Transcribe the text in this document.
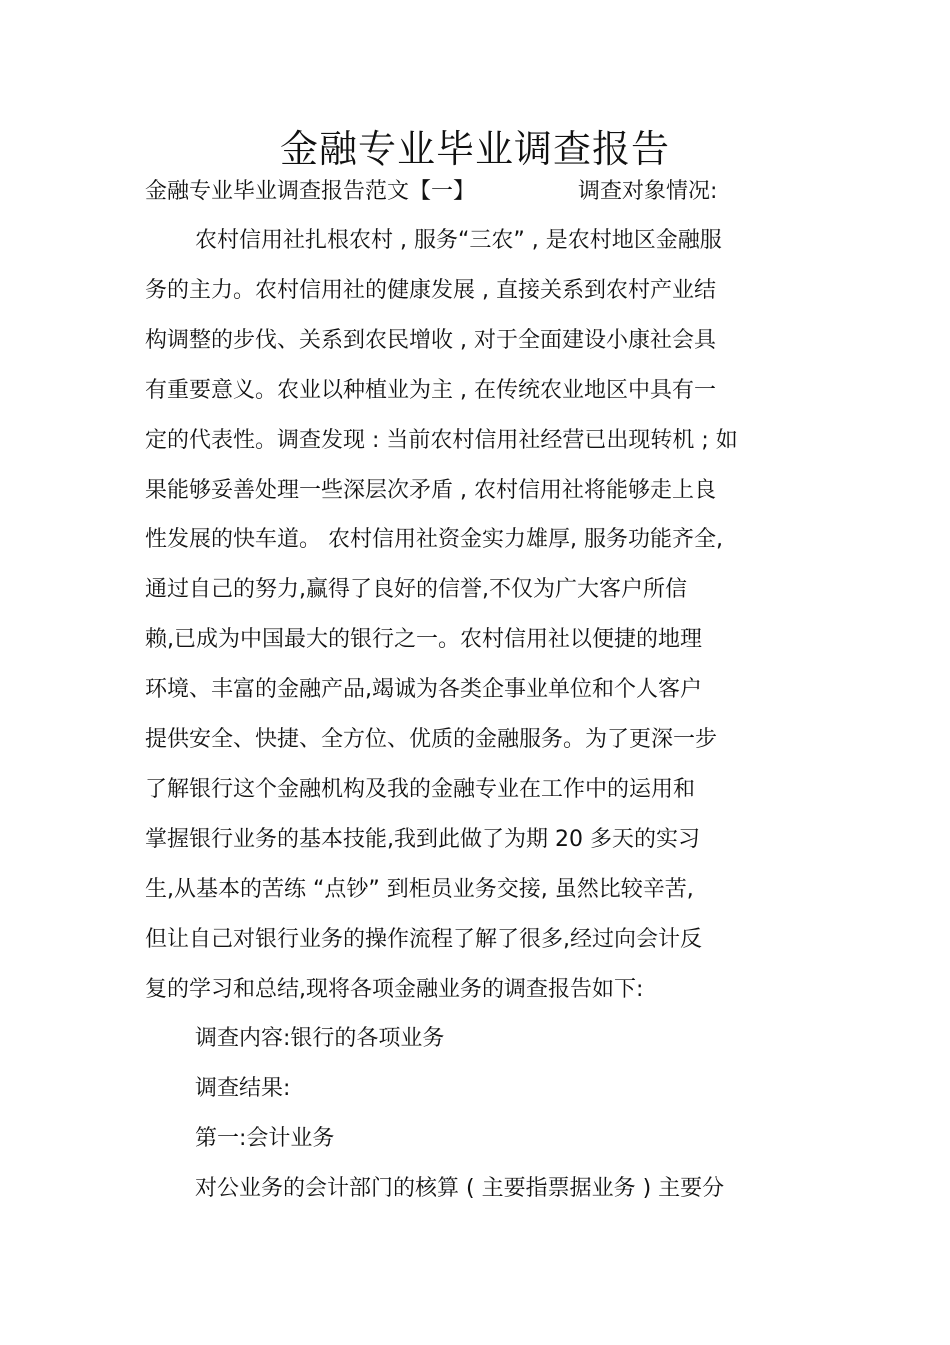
金融专业毕业调查报告
金融专业毕业调查报告范文【一】	调查对象情况:
农村信用社扎根农村 , 服务“三农” , 是农村地区金融服
务的主力。农村信用社的健康发展 , 直接关系到农村产业结
构调整的步伐、关系到农民增收 , 对于全面建设小康社会具
有重要意义。农业以种植业为主 , 在传统农业地区中具有一
定的代表性。调查发现 : 当前农村信用社经营已出现转机 ; 如
果能够妥善处理一些深层次矛盾 , 农村信用社将能够走上良
性发展的快车道。 农村信用社资金实力雄厚, 服务功能齐全,
通过自己的努力,赢得了良好的信誉,不仅为广大客户所信
赖,已成为中国最大的银行之一。农村信用社以便捷的地理
环境、丰富的金融产品,竭诚为各类企事业单位和个人客户
提供安全、快捷、全方位、优质的金融服务。为了更深一步
了解银行这个金融机构及我的金融专业在工作中的运用和
掌握银行业务的基本技能,我到此做了为期 20 多天的实习
生,从基本的苦练 “点钞” 到柜员业务交接, 虽然比较辛苦,
但让自己对银行业务的操作流程了解了很多,经过向会计反
复的学习和总结,现将各项金融业务的调查报告如下:
调查内容:银行的各项业务
调查结果:
第一:会计业务
对公业务的会计部门的核算 ( 主要指票据业务 ) 主要分
